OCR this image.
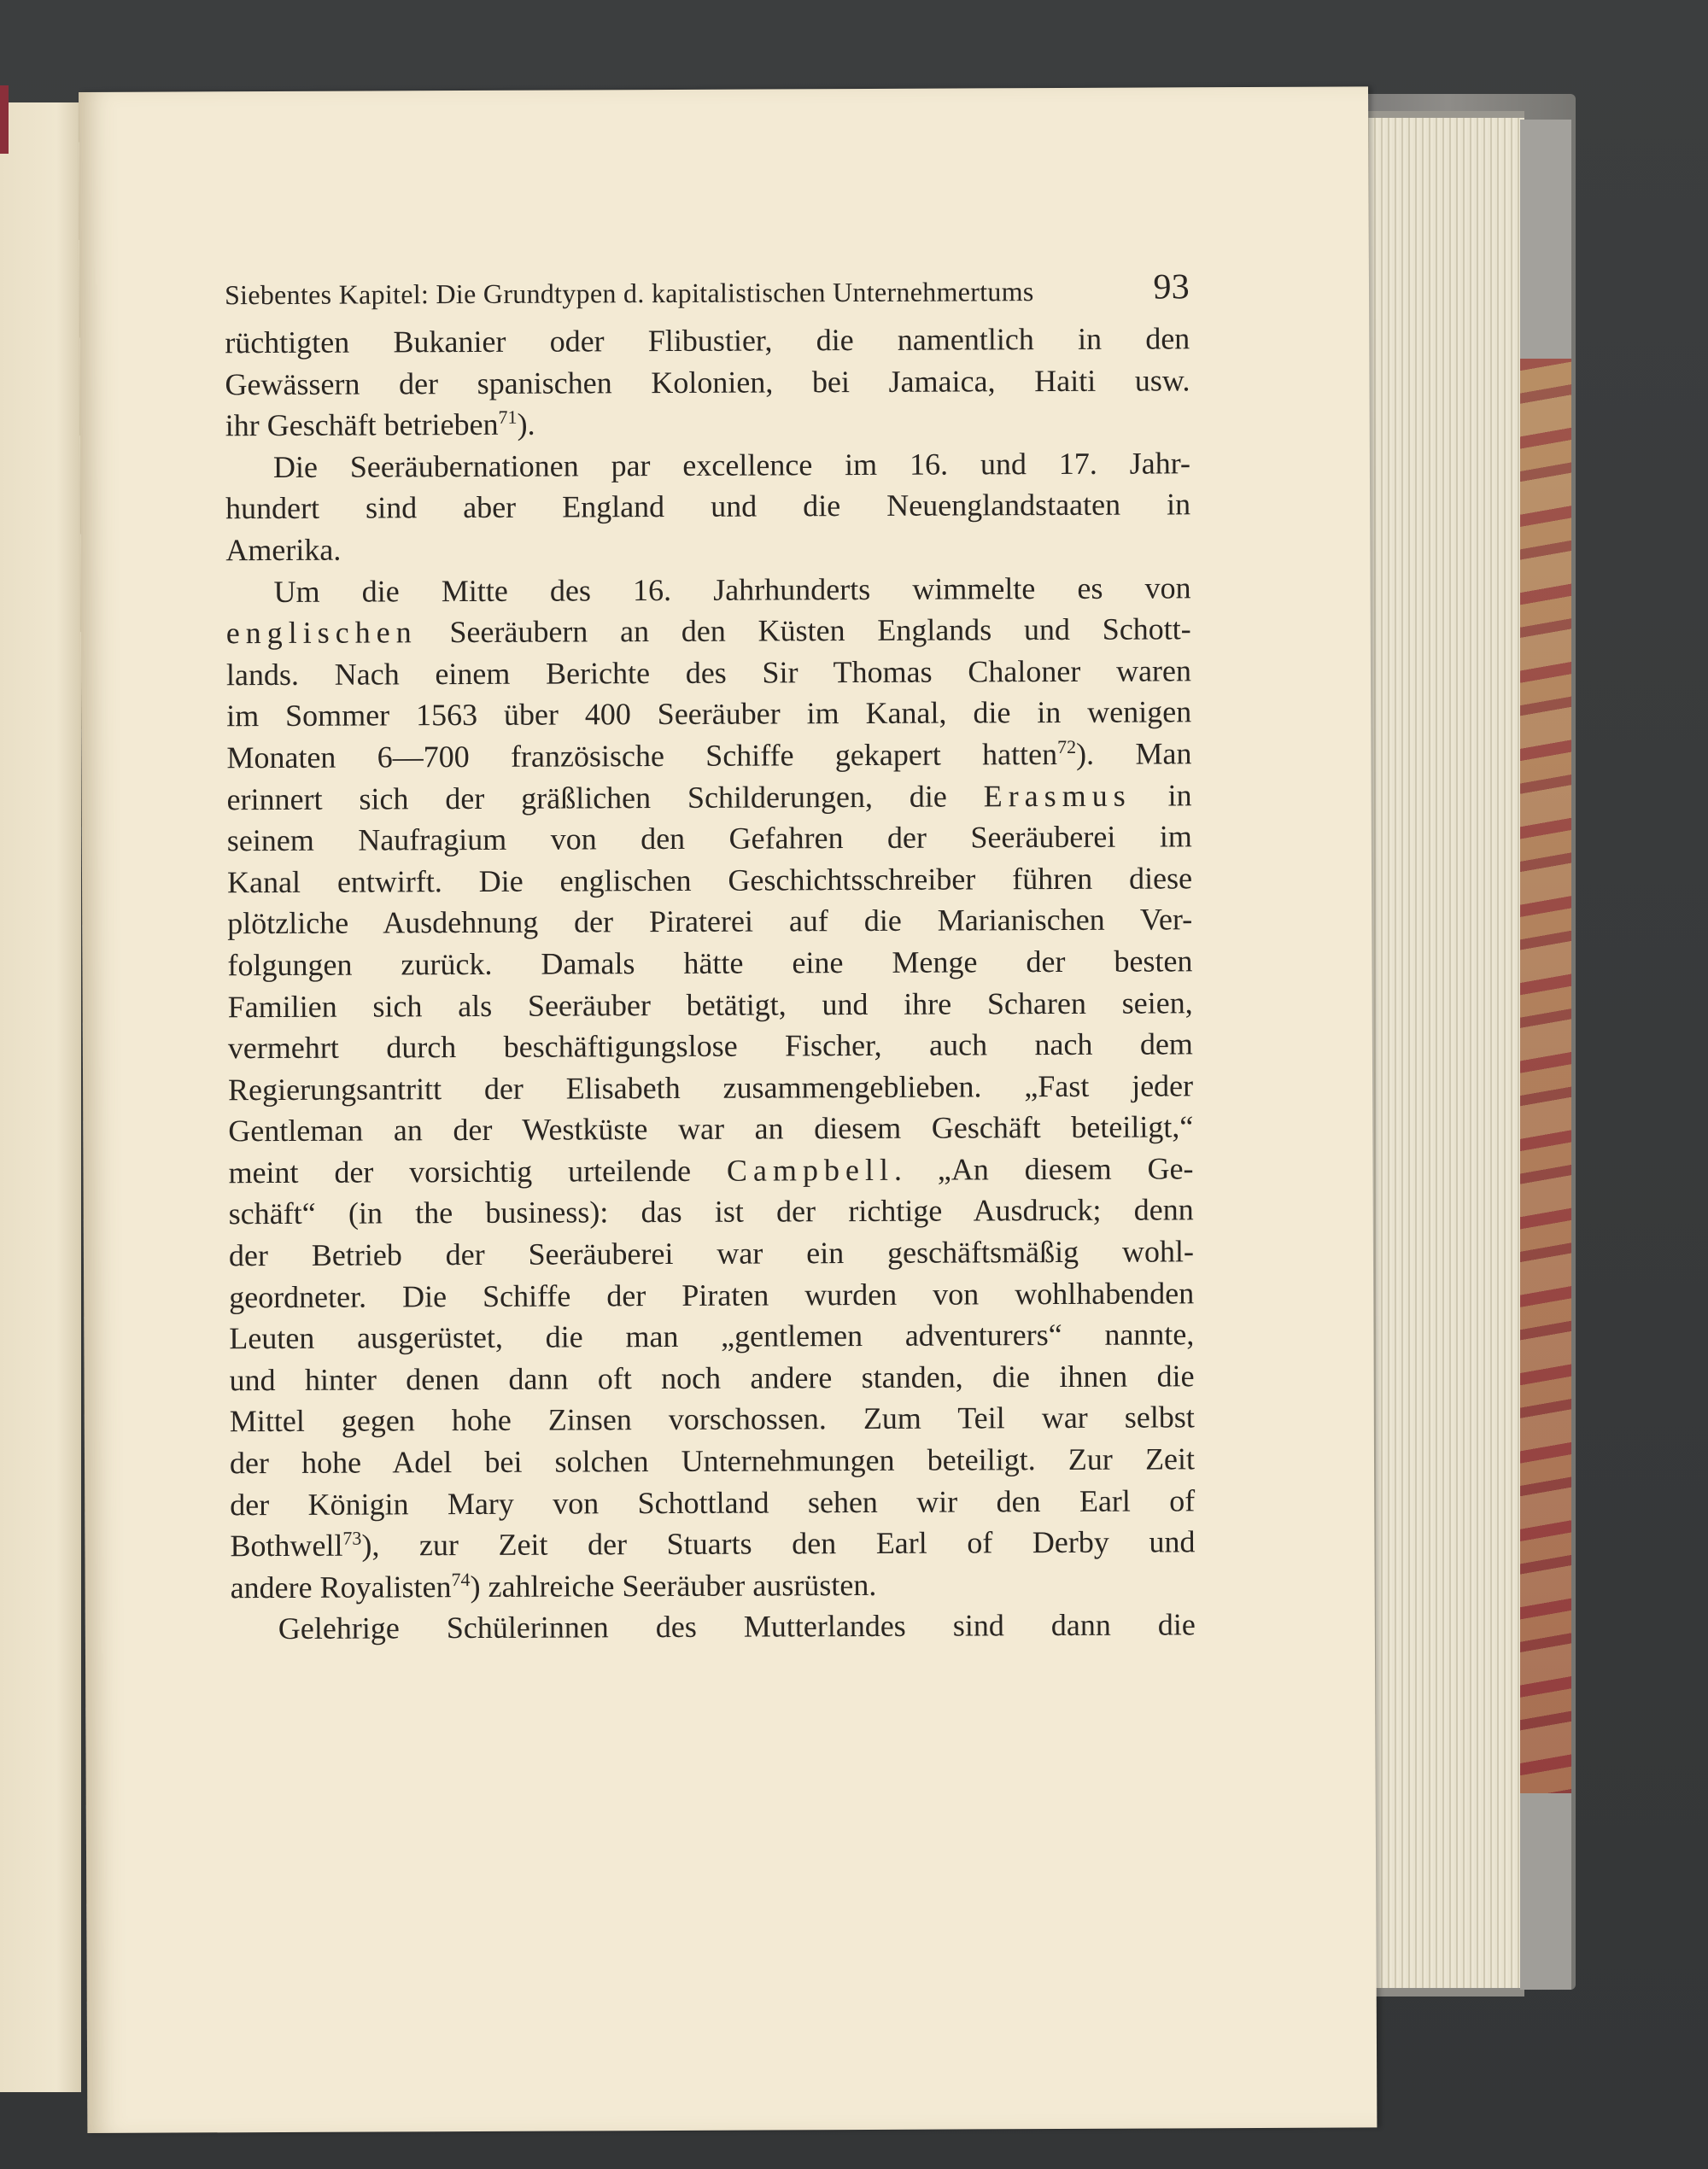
Siebentes Kapitel: Die Grundtypen d. kapitalistischen Unternehmertums	93
rüchtigten Bukanier oder Flibustier, die namentlich in den
Gewässern der spanischen Kolonien, bei Jamaica, Haiti usw.
ihr Geschäft betrieben$^{71}$).
Die Seeräubernationen par excellence im 16. und 17. Jahr-
hundert sind aber England und die Neuenglandstaaten in
Amerika.
Um die Mitte des 16. Jahrhunderts wimmelte es von
englischen Seeräubern an den Küsten Englands und Schott-
lands. Nach einem Berichte des Sir Thomas Chaloner waren
im Sommer 1563 über 400 Seeräuber im Kanal, die in wenigen
Monaten 6—700 französische Schiffe gekapert hatten$^{72}$). Man
erinnert sich der gräßlichen Schilderungen, die Erasmus in
seinem Naufragium von den Gefahren der Seeräuberei im
Kanal entwirft. Die englischen Geschichtsschreiber führen diese
plötzliche Ausdehnung der Piraterei auf die Marianischen Ver-
folgungen zurück. Damals hätte eine Menge der besten
Familien sich als Seeräuber betätigt, und ihre Scharen seien,
vermehrt durch beschäftigungslose Fischer, auch nach dem
Regierungsantritt der Elisabeth zusammengeblieben. „Fast jeder
Gentleman an der Westküste war an diesem Geschäft beteiligt,“
meint der vorsichtig urteilende Campbell. „An diesem Ge-
schäft“ (in the business): das ist der richtige Ausdruck; denn
der Betrieb der Seeräuberei war ein geschäftsmäßig wohl-
geordneter. Die Schiffe der Piraten wurden von wohlhabenden
Leuten ausgerüstet, die man „gentlemen adventurers“ nannte,
und hinter denen dann oft noch andere standen, die ihnen die
Mittel gegen hohe Zinsen vorschossen. Zum Teil war selbst
der hohe Adel bei solchen Unternehmungen beteiligt. Zur Zeit
der Königin Mary von Schottland sehen wir den Earl of
Bothwell$^{73}$), zur Zeit der Stuarts den Earl of Derby und
andere Royalisten$^{74}$) zahlreiche Seeräuber ausrüsten.
Gelehrige Schülerinnen des Mutterlandes sind dann die
